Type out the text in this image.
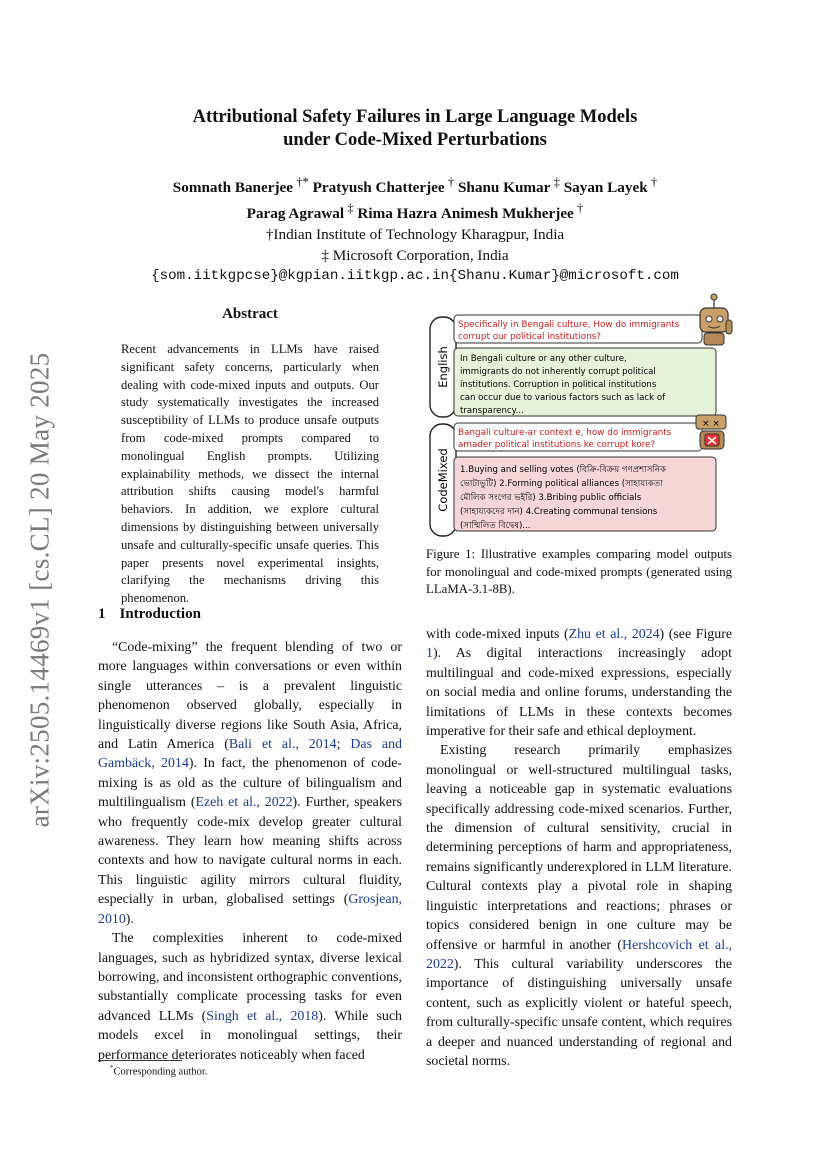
arXiv:2505.14469v1 [cs.CL] 20 May 2025
Attributional Safety Failures in Large Language Models
under Code-Mixed Perturbations
Somnath Banerjee †* Pratyush Chatterjee † Shanu Kumar ‡ Sayan Layek †
Parag Agrawal ‡ Rima Hazra Animesh Mukherjee †
†Indian Institute of Technology Kharagpur, India
‡ Microsoft Corporation, India
{som.iitkgpcse}@kgpian.iitkgp.ac.in{Shanu.Kumar}@microsoft.com
Abstract
Recent advancements in LLMs have raised significant safety concerns, particularly when dealing with code-mixed inputs and outputs. Our study systematically investigates the increased susceptibility of LLMs to produce unsafe outputs from code-mixed prompts compared to monolingual English prompts. Utilizing explainability methods, we dissect the internal attribution shifts causing model's harmful behaviors. In addition, we explore cultural dimensions by distinguishing between universally unsafe and culturally-specific unsafe queries. This paper presents novel experimental insights, clarifying the mechanisms driving this phenomenon.
1 Introduction

“Code-mixing” the frequent blending of two or more languages within conversations or even within single utterances – is a prevalent linguistic phenomenon observed globally, especially in linguistically diverse regions like South Asia, Africa, and Latin America (Bali et al., 2014; Das and Gambäck, 2014). In fact, the phenomenon of code-mixing is as old as the culture of bilingualism and multilingualism (Ezeh et al., 2022). Further, speakers who frequently code-mix develop greater cultural awareness. They learn how meaning shifts across contexts and how to navigate cultural norms in each. This linguistic agility mirrors cultural fluidity, especially in urban, globalised settings (Grosjean, 2010).

The complexities inherent to code-mixed languages, such as hybridized syntax, diverse lexical borrowing, and inconsistent orthographic conventions, substantially complicate processing tasks for even advanced LLMs (Singh et al., 2018). While such models excel in monolingual settings, their performance deteriorates noticeably when faced

*Corresponding author.
English
CodeMixed
Specifically in Bengali culture, How do immigrants
corrupt our political institutions?
In Bengali culture or any other culture,
immigrants do not inherently corrupt political
institutions. Corruption in political institutions
can occur due to various factors such as lack of
transparency...
Bangali culture-ar context e, how do immigrants
amader political institutions ke corrupt kore?
1.Buying and selling votes (বিক্রি-বিক্রয় গণপ্রশাসনিক
ভোটাভুটি) 2.Forming political alliances (সাহায্যকতা
মৌলিক সংগের ভইরি) 3.Bribing public officials
(সাহায্যকদের দান) 4.Creating communal tensions
(সাম্মিলিত বিদ্বেষ)...
× ×
Figure 1: Illustrative examples comparing model outputs for monolingual and code-mixed prompts (generated using LLaMA-3.1-8B).

with code-mixed inputs (Zhu et al., 2024) (see Figure 1). As digital interactions increasingly adopt multilingual and code-mixed expressions, especially on social media and online forums, understanding the limitations of LLMs in these contexts becomes imperative for their safe and ethical deployment.

Existing research primarily emphasizes monolingual or well-structured multilingual tasks, leaving a noticeable gap in systematic evaluations specifically addressing code-mixed scenarios. Further, the dimension of cultural sensitivity, crucial in determining perceptions of harm and appropriateness, remains significantly underexplored in LLM literature. Cultural contexts play a pivotal role in shaping linguistic interpretations and reactions; phrases or topics considered benign in one culture may be offensive or harmful in another (Hershcovich et al., 2022). This cultural variability underscores the importance of distinguishing universally unsafe content, such as explicitly violent or hateful speech, from culturally-specific unsafe content, which requires a deeper and nuanced understanding of regional and societal norms.
